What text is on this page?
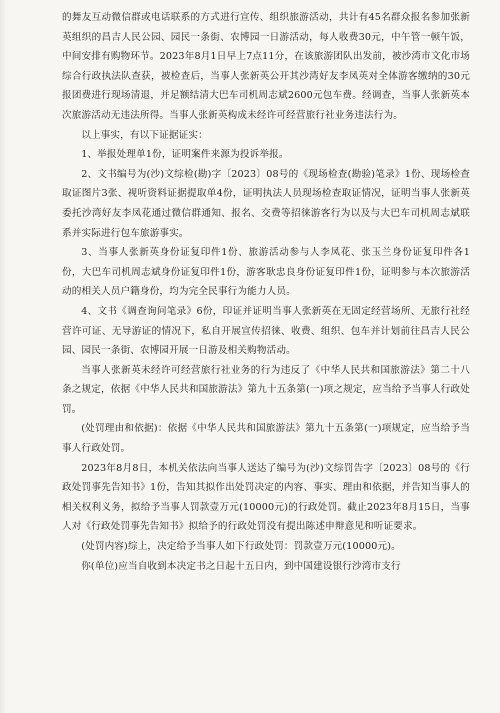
的舞友互动微信群或电话联系的方式进行宣传、组织旅游活动，共计有45名群众报名参加张新英组织的昌吉人民公园、园民一条街、农博园一日游活动，每人收费30元，中午管一顿午饭，中间安排有购物环节。2023年8月1日早上7点11分，在该旅游团队出发前，被沙湾市文化市场综合行政执法队查获，被检查后，当事人张新英公开其沙湾好友李凤英对全体游客缴纳的30元报团费进行现场清退，并足额结清大巴车司机周志斌2600元包车费。经调查，当事人张新英本次旅游活动无违法所得。当事人张新英构成未经许可经营旅行社业务违法行为。

以上事实，有以下证据证实：

1、举报处理单1份，证明案件来源为投诉举报。

2、文书编号为(沙)文综检(勘)字〔2023〕08号的《现场检查(勘验)笔录》1份、现场检查取证图片3张、视听资料证据提取单4份，证明执法人员现场检查取证情况，证明当事人张新英委托沙湾好友李凤花通过微信群通知、报名、交费等招徕游客行为以及与大巴车司机周志斌联系并实际进行包车旅游事实。

3、当事人张新英身份证复印件1份、旅游活动参与人李凤花、张玉兰身份证复印件各1份，大巴车司机周志斌身份证复印件1份，游客耿忠良身份证复印件1份，证明参与本次旅游活动的相关人员户籍身份，均为完全民事行为能力人员。

4、文书《调查询问笔录》6份，印证并证明当事人张新英在无固定经营场所、无旅行社经营许可证、无导游证的情况下，私自开展宣传招徕、收费、组织、包车并计划前往昌吉人民公园、园民一条街、农博园开展一日游及相关购物活动。

当事人张新英未经许可经营旅行社业务的行为违反了《中华人民共和国旅游法》第二十八条之规定，依据《中华人民共和国旅游法》第九十五条第(一)项之规定，应当给予当事人行政处罚。

(处罚理由和依据)：依据《中华人民共和国旅游法》第九十五条第(一)项规定，应当给予当事人行政处罚。

2023年8月8日，本机关依法向当事人送达了编号为(沙)文综罚告字〔2023〕08号的《行政处罚事先告知书》1份，告知其拟作出处罚决定的内容、事实、理由和依据，并告知当事人的相关权利义务，拟给予当事人罚款壹万元(10000元)的行政处罚。截止2023年8月15日，当事人对《行政处罚事先告知书》拟给予的行政处罚没有提出陈述申辩意见和听证要求。

(处罚内容)综上，决定给予当事人如下行政处罚：罚款壹万元(10000元)。

你(单位)应当自收到本决定书之日起十五日内，到中国建设银行沙湾市支行
